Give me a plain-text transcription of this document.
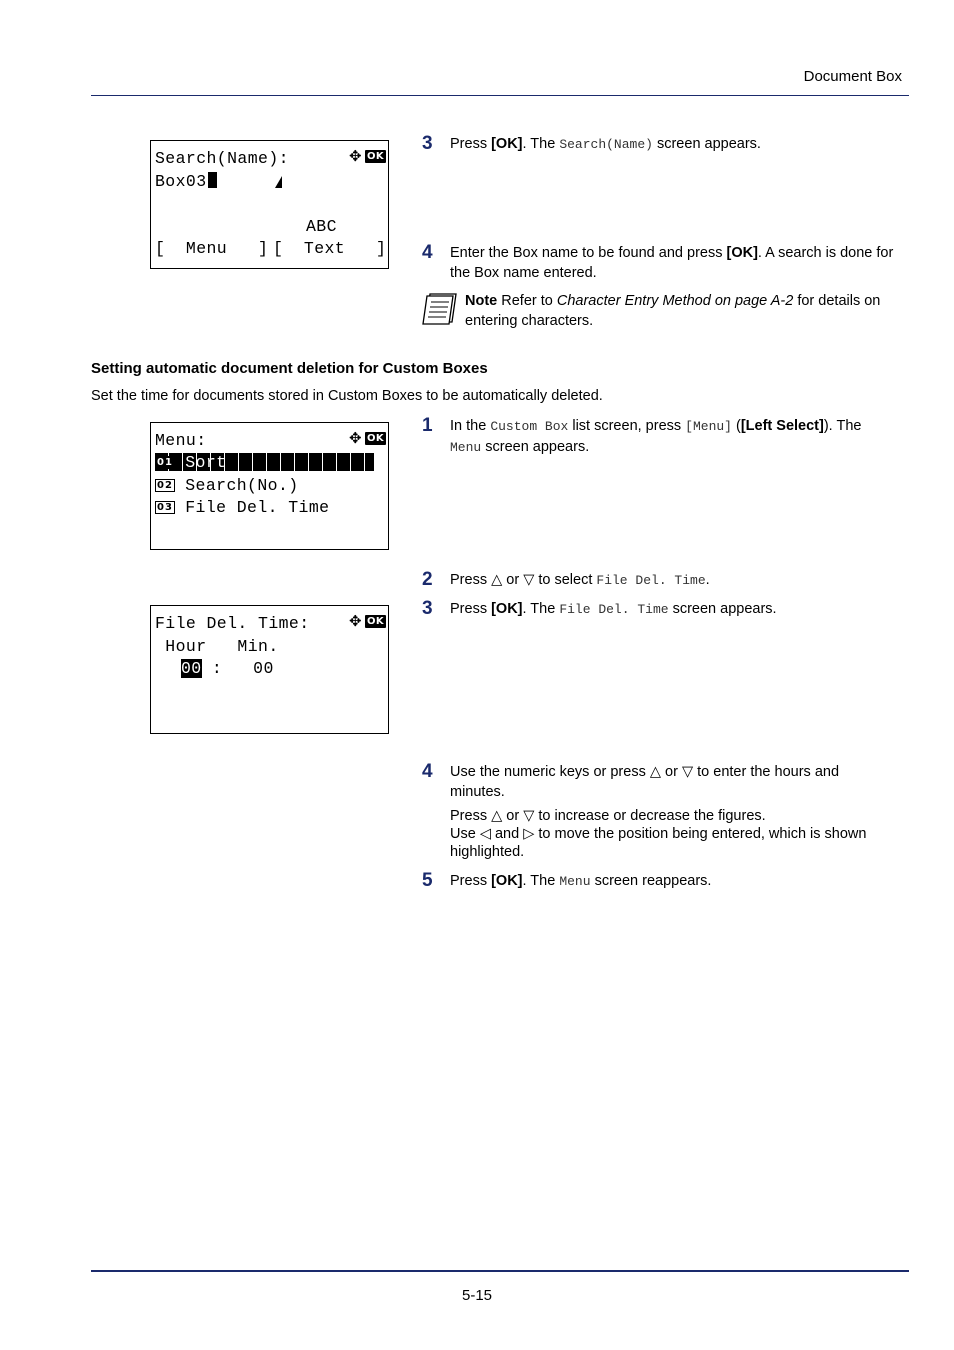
Document Box
Search(Name):	✥ OK
Box03
ABC
[  Menu   ] [  Text   ]
3 Press [OK]. The Search(Name) screen appears.
4 Enter the Box name to be found and press [OK]. A search is done for
the Box name entered.
Note Refer to Character Entry Method on page A-2 for details on
entering characters.
Setting automatic document deletion for Custom Boxes
Set the time for documents stored in Custom Boxes to be automatically deleted.
Menu:	✥ OK
01 Sort
02 Search(No.)
03 File Del. Time
1 In the Custom Box list screen, press [Menu] ([Left Select]). The
Menu screen appears.
2 Press △ or ▽ to select File Del. Time.
3 Press [OK]. The File Del. Time screen appears.
File Del. Time:	✥ OK
Hour   Min.
00 : 00
4 Use the numeric keys or press △ or ▽ to enter the hours and
minutes.
Press △ or ▽ to increase or decrease the figures.
Use ◁ and ▷ to move the position being entered, which is shown
highlighted.
5 Press [OK]. The Menu screen reappears.
5-15
